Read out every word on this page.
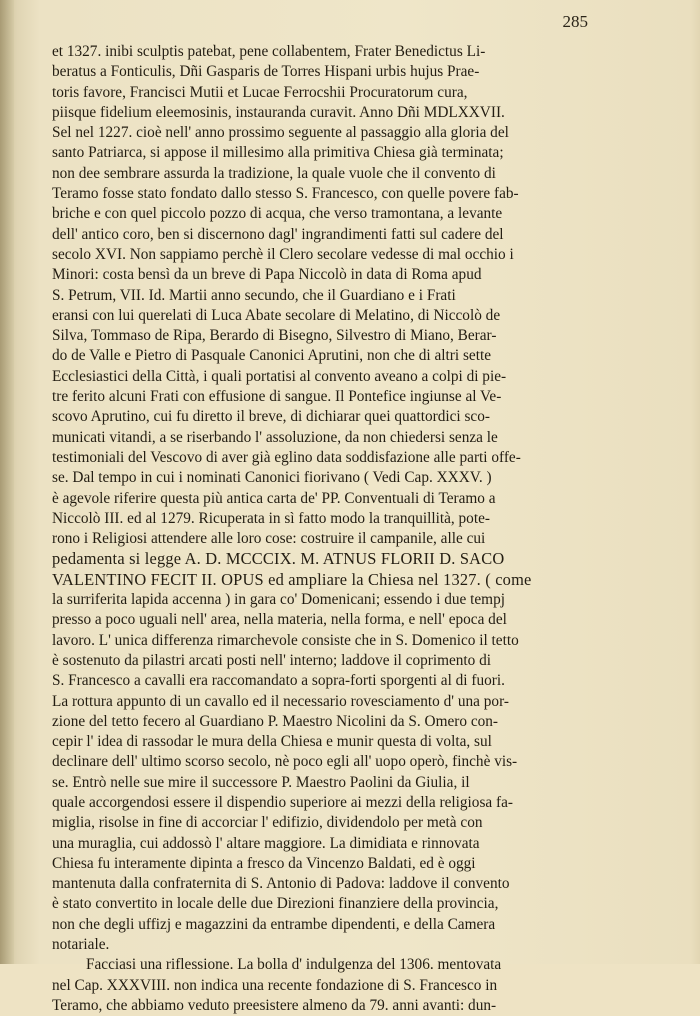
285
et 1327. inibi sculptis patebat, pene collabentem, Frater Benedictus Li-
beratus a Fonticulis, Dñi Gasparis de Torres Hispani urbis hujus Prae-
toris favore, Francisci Mutii et Lucae Ferrocshii Procuratorum cura,
piisque fidelium eleemosinis, instauranda curavit. Anno Dñi MDLXXVII.
Sel nel 1227. cioè nell' anno prossimo seguente al passaggio alla gloria del
santo Patriarca, si appose il millesimo alla primitiva Chiesa già terminata;
non dee sembrare assurda la tradizione, la quale vuole che il convento di
Teramo fosse stato fondato dallo stesso S. Francesco, con quelle povere fab-
briche e con quel piccolo pozzo di acqua, che verso tramontana, a levante
dell' antico coro, ben si discernono dagl' ingrandimenti fatti sul cadere del
secolo XVI. Non sappiamo perchè il Clero secolare vedesse di mal occhio i
Minori: costa bensì da un breve di Papa Niccolò in data di Roma apud
S. Petrum, VII. Id. Martii anno secundo, che il Guardiano e i Frati
eransi con lui querelati di Luca Abate secolare di Melatino, di Niccolò de
Silva, Tommaso de Ripa, Berardo di Bisegno, Silvestro di Miano, Berar-
do de Valle e Pietro di Pasquale Canonici Aprutini, non che di altri sette
Ecclesiastici della Città, i quali portatisi al convento aveano a colpi di pie-
tre ferito alcuni Frati con effusione di sangue. Il Pontefice ingiunse al Ve-
scovo Aprutino, cui fu diretto il breve, di dichiarar quei quattordici sco-
municati vitandi, a se riserbando l' assoluzione, da non chiedersi senza le
testimoniali del Vescovo di aver già eglino data soddisfazione alle parti offe-
se. Dal tempo in cui i nominati Canonici fiorivano ( Vedi Cap. XXXV. )
è agevole riferire questa più antica carta de' PP. Conventuali di Teramo a
Niccolò III. ed al 1279. Ricuperata in sì fatto modo la tranquillità, pote-
rono i Religiosi attendere alle loro cose: costruire il campanile, alle cui
pedamenta si legge A. D. MCCCIX. M. ATNUS FLORII D. SACO
VALENTINO FECIT II. OPUS ed ampliare la Chiesa nel 1327. ( come
la surriferita lapida accenna ) in gara co' Domenicani; essendo i due tempj
presso a poco uguali nell' area, nella materia, nella forma, e nell' epoca del
lavoro. L' unica differenza rimarchevole consiste che in S. Domenico il tetto
è sostenuto da pilastri arcati posti nell' interno; laddove il coprimento di
S. Francesco a cavalli era raccomandato a sopra-forti sporgenti al di fuori.
La rottura appunto di un cavallo ed il necessario rovesciamento d' una por-
zione del tetto fecero al Guardiano P. Maestro Nicolini da S. Omero con-
cepir l' idea di rassodar le mura della Chiesa e munir questa di volta, sul
declinare dell' ultimo scorso secolo, nè poco egli all' uopo operò, finchè vis-
se. Entrò nelle sue mire il successore P. Maestro Paolini da Giulia, il
quale accorgendosi essere il dispendio superiore ai mezzi della religiosa fa-
miglia, risolse in fine di accorciar l' edifizio, dividendolo per metà con
una muraglia, cui addossò l' altare maggiore. La dimidiata e rinnovata
Chiesa fu interamente dipinta a fresco da Vincenzo Baldati, ed è oggi
mantenuta dalla confraternita di S. Antonio di Padova: laddove il convento
è stato convertito in locale delle due Direzioni finanziere della provincia,
non che degli uffizj e magazzini da entrambe dipendenti, e della Camera
notariale.
Facciasi una riflessione. La bolla d' indulgenza del 1306. mentovata
nel Cap. XXXVIII. non indica una recente fondazione di S. Francesco in
Teramo, che abbiamo veduto preesistere almeno da 79. anni avanti: dun-
